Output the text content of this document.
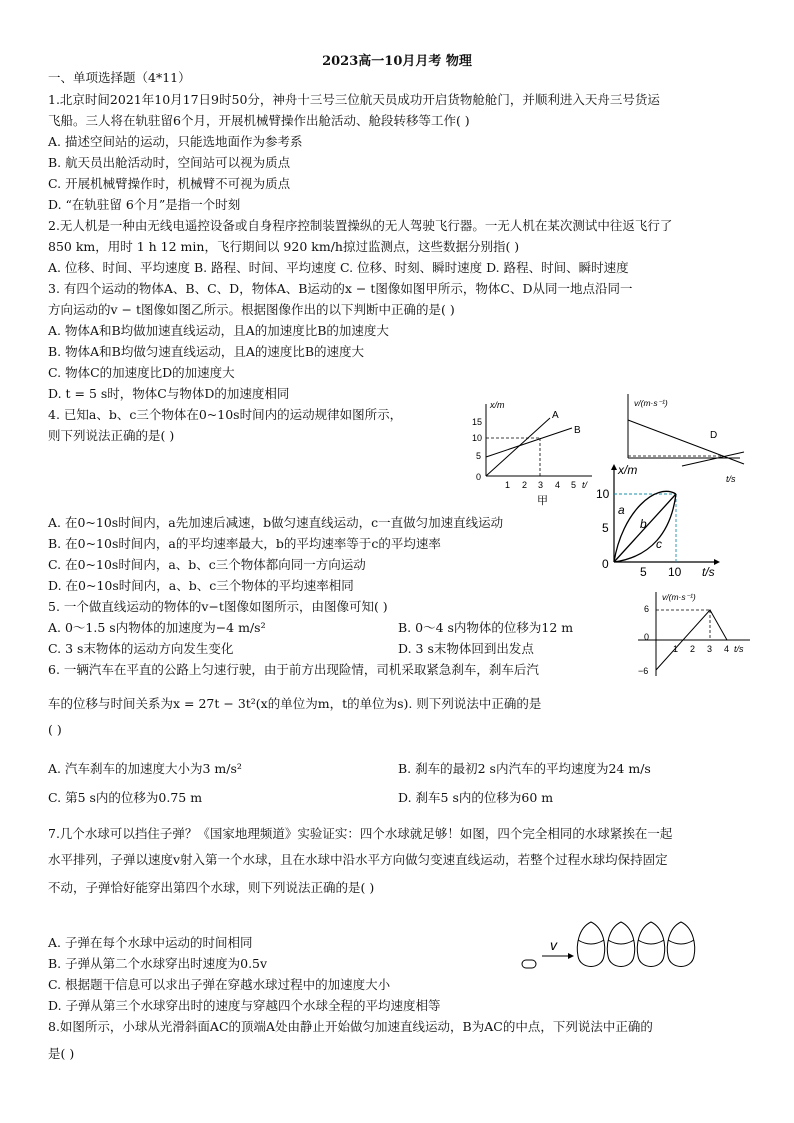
2023高一10月月考 物理
一、单项选择题（4*11）
1.北京时间2021年10月17日9时50分，神舟十三号三位航天员成功开启货物舱舱门，并顺利进入天舟三号货运
飞船。三人将在轨驻留6个月，开展机械臂操作出舱活动、舱段转移等工作( )
A. 描述空间站的运动，只能选地面作为参考系
B. 航天员出舱活动时，空间站可以视为质点
C. 开展机械臂操作时，机械臂不可视为质点
D. “在轨驻留 6个月”是指一个时刻
2.无人机是一种由无线电遥控设备或自身程序控制装置操纵的无人驾驶飞行器。一无人机在某次测试中往返飞行了
850 km，用时 1 h 12 min，飞行期间以 920 km/h掠过监测点，这些数据分别指( )
A. 位移、时间、平均速度 B. 路程、时间、平均速度 C. 位移、时刻、瞬时速度 D. 路程、时间、瞬时速度
3. 有四个运动的物体A、B、C、D，物体A、B运动的x − t图像如图甲所示，物体C、D从同一地点沿同一
方向运动的v − t图像如图乙所示。根据图像作出的以下判断中正确的是( )
A. 物体A和B均做加速直线运动，且A的加速度比B的加速度大
B. 物体A和B均做匀速直线运动，且A的速度比B的速度大
C. 物体C的加速度比D的加速度大
D. t = 5 s时，物体C与物体D的加速度相同
4. 已知a、b、c三个物体在0~10s时间内的运动规律如图所示，
则下列说法正确的是( )
A. 在0~10s时间内，a先加速后减速，b做匀速直线运动，c一直做匀加速直线运动
B. 在0~10s时间内，a的平均速率最大，b的平均速率等于c的平均速率
C. 在0~10s时间内，a、b、c三个物体都向同一方向运动
D. 在0~10s时间内，a、b、c三个物体的平均速率相同
5. 一个做直线运动的物体的v−t图像如图所示，由图像可知( )
A. 0～1.5 s内物体的加速度为−4 m/s²	B. 0～4 s内物体的位移为12 m
C. 3 s末物体的运动方向发生变化	D. 3 s末物体回到出发点
6. 一辆汽车在平直的公路上匀速行驶，由于前方出现险情，司机采取紧急刹车，刹车后汽
车的位移与时间关系为x = 27t − 3t²(x的单位为m，t的单位为s). 则下列说法中正确的是
( )
A. 汽车刹车的加速度大小为3 m/s²	B. 刹车的最初2 s内汽车的平均速度为24 m/s
C. 第5 s内的位移为0.75 m	D. 刹车5 s内的位移为60 m
7.几个水球可以挡住子弹？《国家地理频道》实验证实：四个水球就足够！如图，四个完全相同的水球紧挨在一起
水平排列，子弹以速度v射入第一个水球，且在水球中沿水平方向做匀变速直线运动，若整个过程水球均保持固定
不动，子弹恰好能穿出第四个水球，则下列说法正确的是( )
A. 子弹在每个水球中运动的时间相同
B. 子弹从第二个水球穿出时速度为0.5v
C. 根据题干信息可以求出子弹在穿越水球过程中的加速度大小
D. 子弹从第三个水球穿出时的速度与穿越四个水球全程的平均速度相等
8.如图所示，小球从光滑斜面AC的顶端A处由静止开始做匀加速直线运动，B为AC的中点，下列说法中正确的
是( )
x/m
15
10
5
0
1 2 3 4 5 t/
A
B
甲
v/(m·s⁻¹)
D
t/s
x/m
10
5
0
5 10 t/s
a
b
c
v/(m·s⁻¹)
6
0
−6
1 2 3 4 t/s
v
